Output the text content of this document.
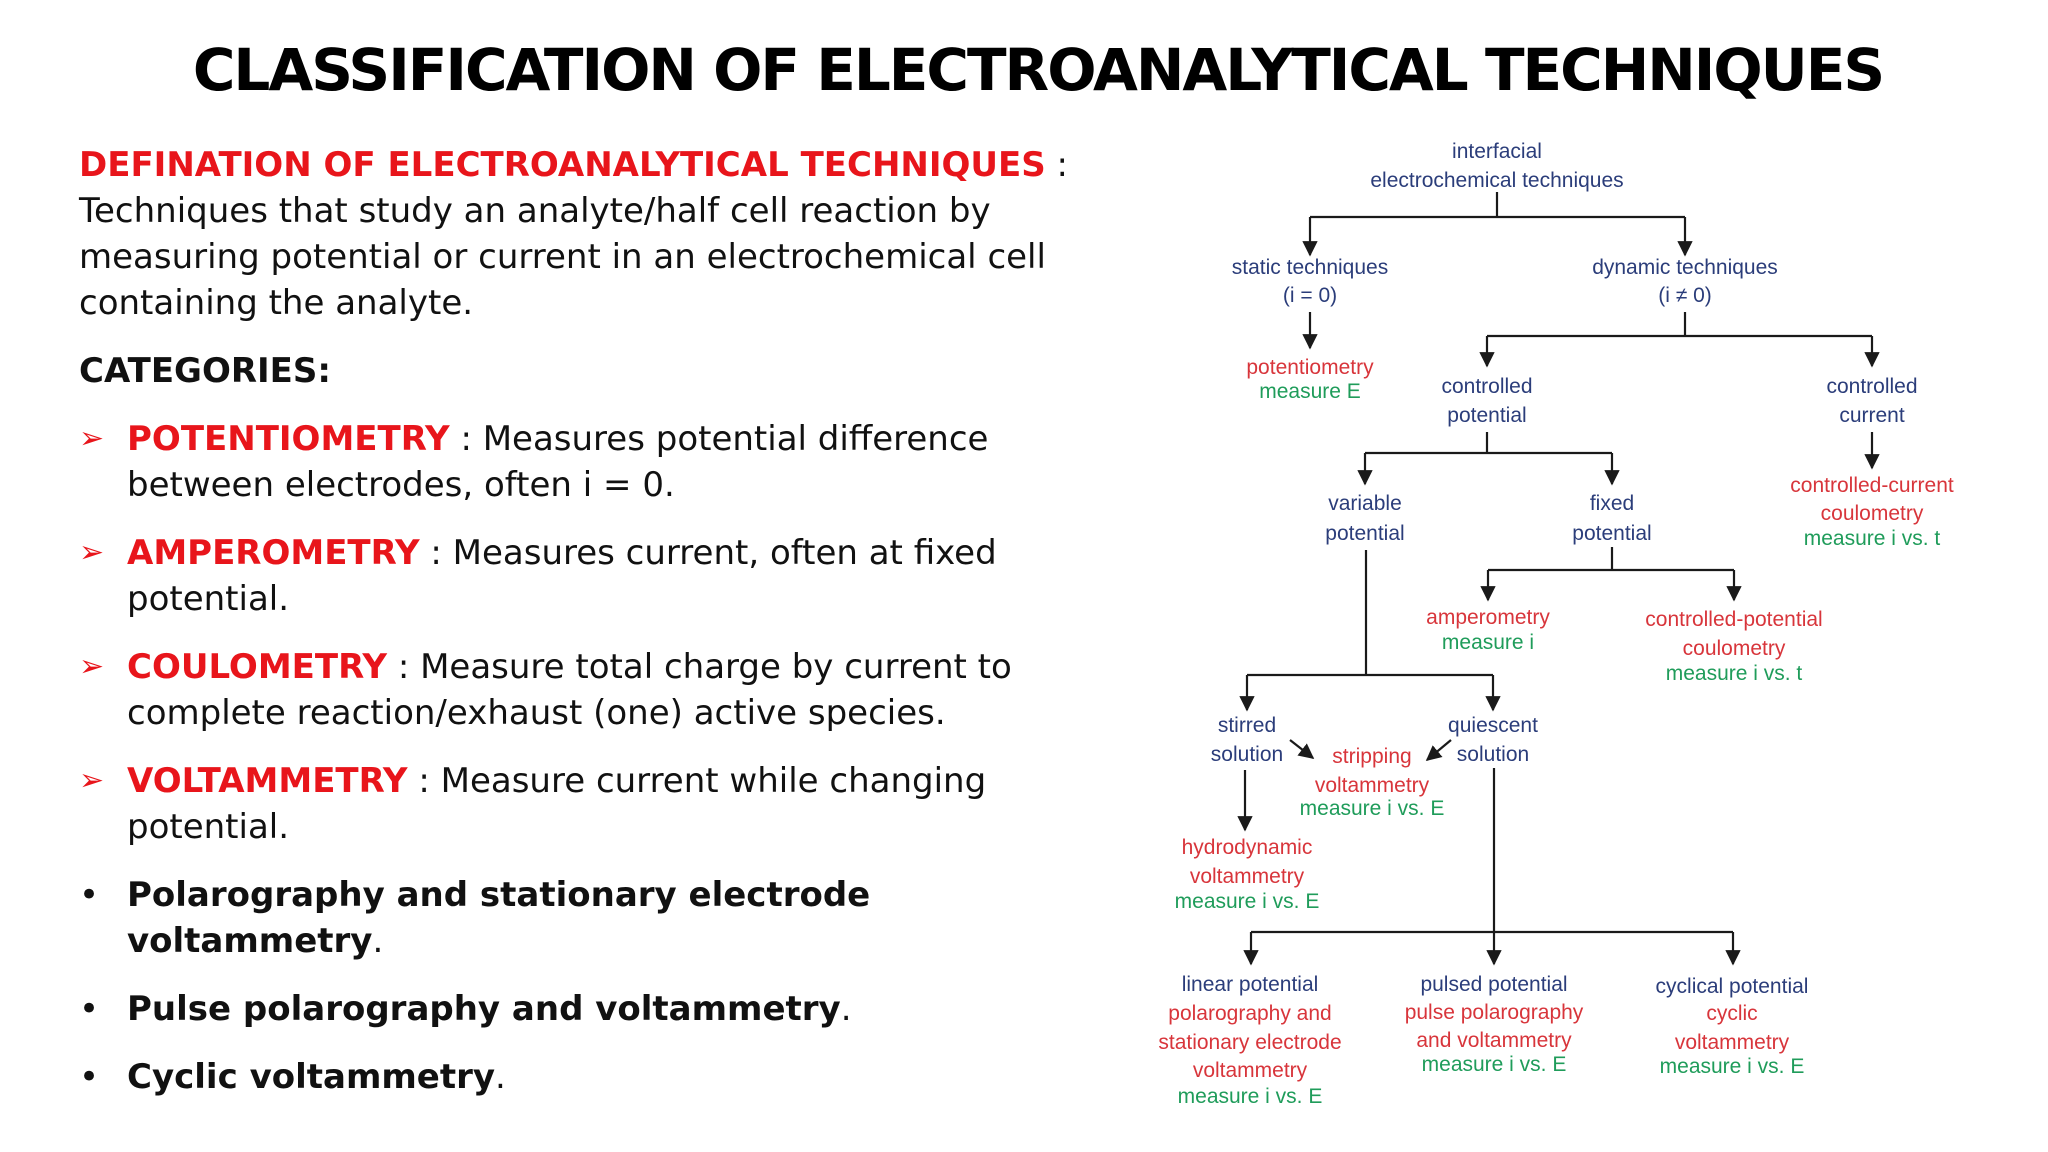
CLASSIFICATION OF ELECTROANALYTICAL TECHNIQUES

DEFINATION OF ELECTROANALYTICAL TECHNIQUES :

Techniques that study an analyte/half cell reaction by measuring potential or current in an electrochemical cell containing the analyte.

CATEGORIES:
➢ POTENTIOMETRY : Measures potential difference between electrodes, often i = 0.
➢ AMPEROMETRY : Measures current, often at fixed potential.
➢ COULOMETRY : Measure total charge by current to complete reaction/exhaust (one) active species.
➢ VOLTAMMETRY : Measure current while changing potential.
• Polarography and stationary electrode voltammetry.
• Pulse polarography and voltammetry.
• Cyclic voltammetry.
interfacial
electrochemical techniques
static techniques
(i = 0)
dynamic techniques
(i ≠ 0)
potentiometry
measure E	controlled
potential
controlled
current
controlled-current
coulometry
measure i vs. t
variable
potential
fixed
potential
amperometry
measure i
controlled-potential
coulometry
measure i vs. t
stirred
solution
quiescent
solution
stripping
voltammetry
measure i vs. E
hydrodynamic
voltammetry
measure i vs. E
linear potential
polarography and
stationary electrode
voltammetry
measure i vs. E
pulsed potential
pulse polarography
and voltammetry
measure i vs. E
cyclical potential
cyclic
voltammetry
measure i vs. E
